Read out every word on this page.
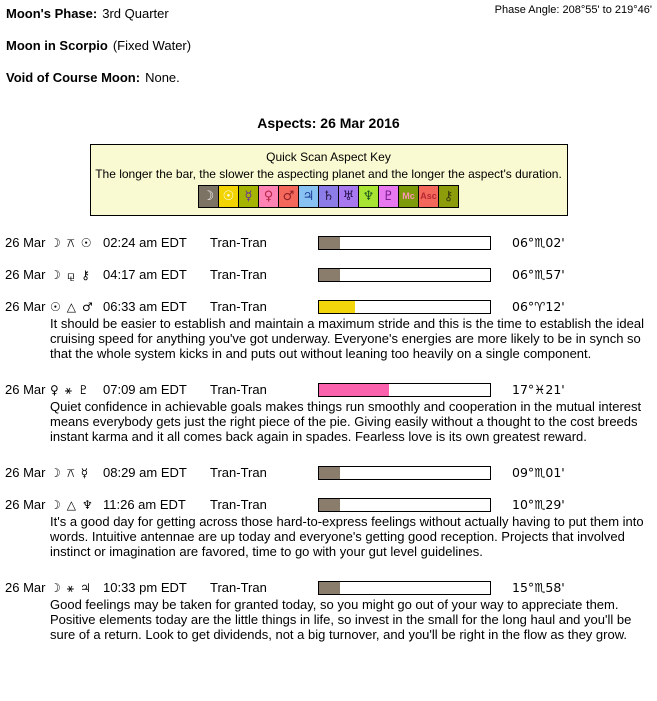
Moon's Phase: 3rd Quarter	Phase Angle: 208°55' to 219°46'
Moon in Scorpio (Fixed Water)
Void of Course Moon: None.
Aspects: 26 Mar 2016
Quick Scan Aspect Key
The longer the bar, the slower the aspecting planet and the longer the aspect's duration.
☽ ☉ ☿ ♀ ♂ ♃ ♄ ♅ ♆ ♇ Mc Asc ⚷
26 Mar ☽ ⚻ ☉ 02:24 am EDT Tran-Tran	06°♏02'
26 Mar ☽ ⚼ ⚷ 04:17 am EDT Tran-Tran	06°♏57'
26 Mar ☉ △ ♂ 06:33 am EDT Tran-Tran	06°♈12'
It should be easier to establish and maintain a maximum stride and this is the time to establish the ideal cruising speed for anything you've got underway. Everyone's energies are more likely to be in synch so that the whole system kicks in and puts out without leaning too heavily on a single component.
26 Mar ♀ ⚹ ♇ 07:09 am EDT Tran-Tran	17°♓21'
Quiet confidence in achievable goals makes things run smoothly and cooperation in the mutual interest means everybody gets just the right piece of the pie. Giving easily without a thought to the cost breeds instant karma and it all comes back again in spades. Fearless love is its own greatest reward.
26 Mar ☽ ⚻ ☿ 08:29 am EDT Tran-Tran	09°♏01'
26 Mar ☽ △ ♆ 11:26 am EDT Tran-Tran	10°♏29'
It's a good day for getting across those hard-to-express feelings without actually having to put them into words. Intuitive antennae are up today and everyone's getting good reception. Projects that involved instinct or imagination are favored, time to go with your gut level guidelines.
26 Mar ☽ ⚹ ♃ 10:33 pm EDT Tran-Tran	15°♏58'
Good feelings may be taken for granted today, so you might go out of your way to appreciate them. Positive elements today are the little things in life, so invest in the small for the long haul and you'll be sure of a return. Look to get dividends, not a big turnover, and you'll be right in the flow as they grow.
